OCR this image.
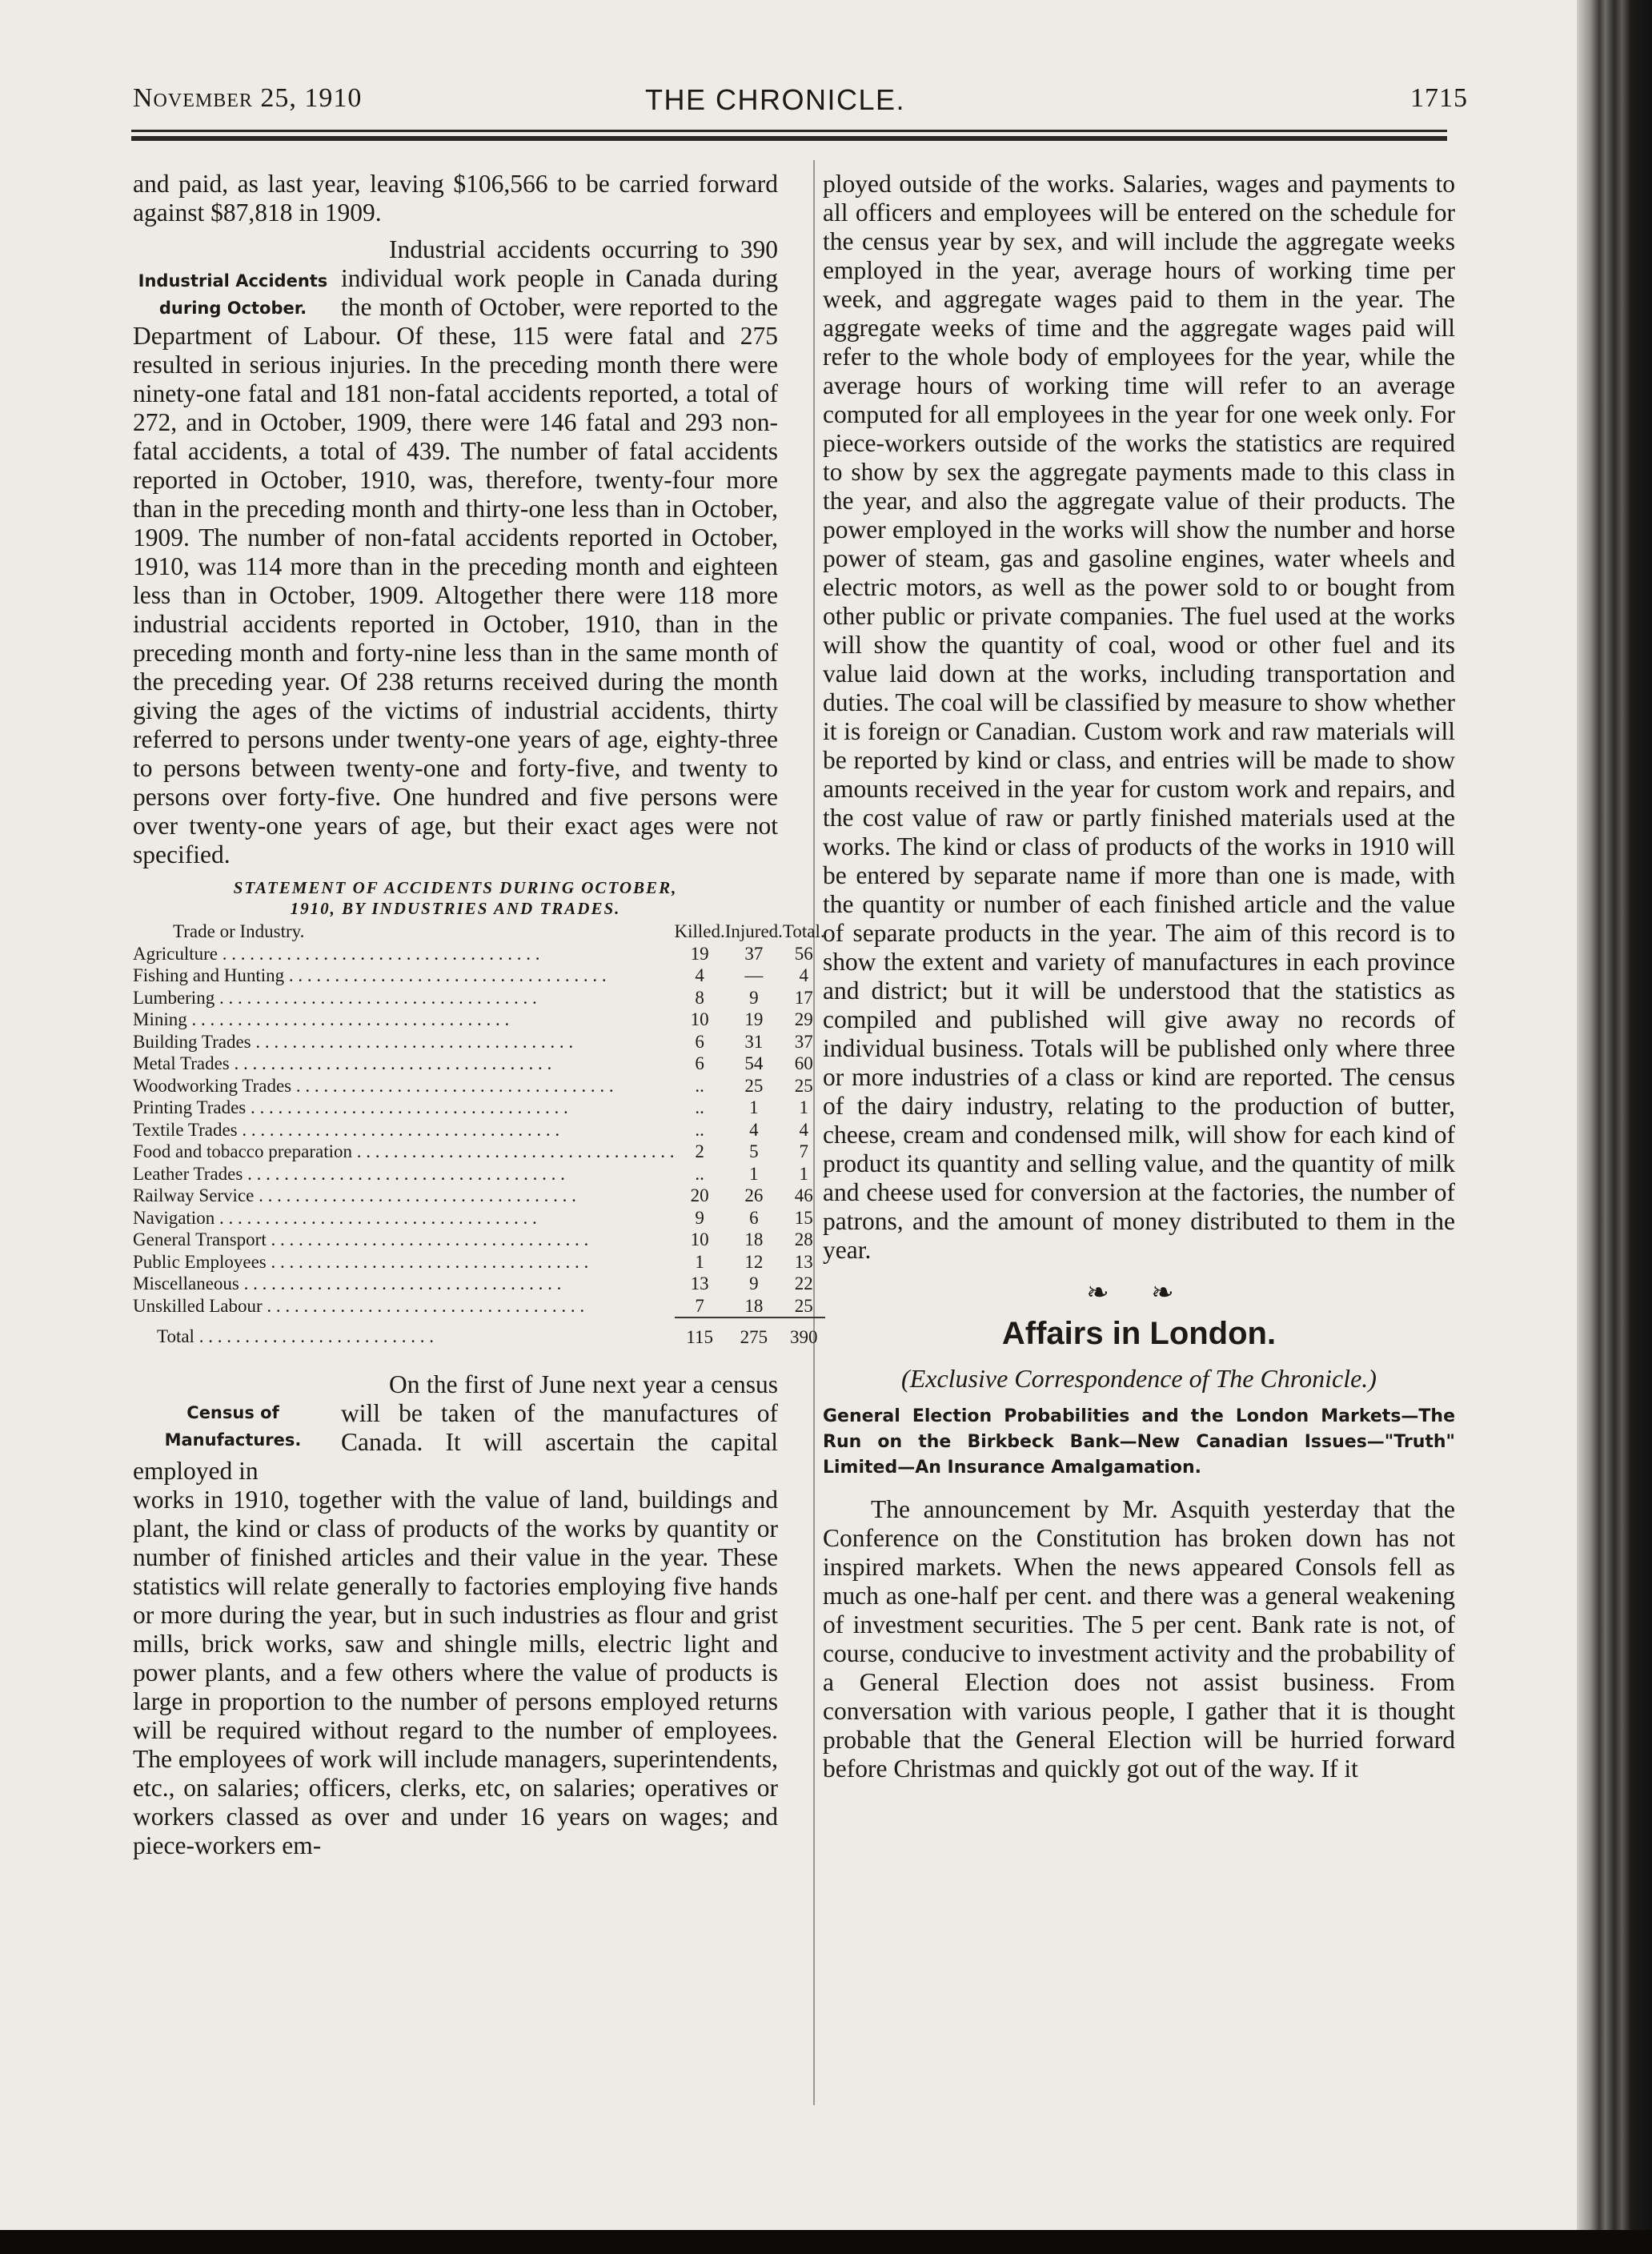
November 25, 1910	THE CHRONICLE.	1715

and paid, as last year, leaving $106,566 to be carried forward against $87,818 in 1909.

Industrial Accidents during October.

Industrial accidents occurring to 390 individual work people in Canada during the month of October, were reported to the Department of Labour. Of these, 115 were fatal and 275 resulted in serious injuries. In the preceding month there were ninety-one fatal and 181 non-fatal accidents reported, a total of 272, and in October, 1909, there were 146 fatal and 293 non-fatal accidents, a total of 439. The number of fatal accidents reported in October, 1910, was, therefore, twenty-four more than in the preceding month and thirty-one less than in October, 1909. The number of non-fatal accidents reported in October, 1910, was 114 more than in the preceding month and eighteen less than in October, 1909. Altogether there were 118 more industrial accidents reported in October, 1910, than in the preceding month and forty-nine less than in the same month of the preceding year. Of 238 returns received during the month giving the ages of the victims of industrial accidents, thirty referred to persons under twenty-one years of age, eighty-three to persons between twenty-one and forty-five, and twenty to persons over forty-five. One hundred and five persons were over twenty-one years of age, but their exact ages were not specified.

STATEMENT OF ACCIDENTS DURING OCTOBER,
1910, BY INDUSTRIES AND TRADES.
Trade or Industry.	Killed.	Injured.	Total.
Agriculture . . . . . . . . . . . . . . . . . . . . . . . . . . . . . . . . . . .	19	37	56
Fishing and Hunting . . . . . . . . . . . . . . . . . . . . . . . . . . . . . . . . . . .	4	—	4
Lumbering . . . . . . . . . . . . . . . . . . . . . . . . . . . . . . . . . . .	8	9	17
Mining . . . . . . . . . . . . . . . . . . . . . . . . . . . . . . . . . . .	10	19	29
Building Trades . . . . . . . . . . . . . . . . . . . . . . . . . . . . . . . . . . .	6	31	37
Metal Trades . . . . . . . . . . . . . . . . . . . . . . . . . . . . . . . . . . .	6	54	60
Woodworking Trades . . . . . . . . . . . . . . . . . . . . . . . . . . . . . . . . . . .	..	25	25
Printing Trades . . . . . . . . . . . . . . . . . . . . . . . . . . . . . . . . . . .	..	1	1
Textile Trades . . . . . . . . . . . . . . . . . . . . . . . . . . . . . . . . . . .	..	4	4
Food and tobacco preparation . . . . . . . . . . . . . . . . . . . . . . . . . . . . . . . . . . .	2	5	7
Leather Trades . . . . . . . . . . . . . . . . . . . . . . . . . . . . . . . . . . .	..	1	1
Railway Service . . . . . . . . . . . . . . . . . . . . . . . . . . . . . . . . . . .	20	26	46
Navigation . . . . . . . . . . . . . . . . . . . . . . . . . . . . . . . . . . .	9	6	15
General Transport . . . . . . . . . . . . . . . . . . . . . . . . . . . . . . . . . . .	10	18	28
Public Employees . . . . . . . . . . . . . . . . . . . . . . . . . . . . . . . . . . .	1	12	13
Miscellaneous . . . . . . . . . . . . . . . . . . . . . . . . . . . . . . . . . . .	13	9	22
Unskilled Labour . . . . . . . . . . . . . . . . . . . . . . . . . . . . . . . . . . .	7	18	25
Total . . . . . . . . . . . . . . . . . . . . . . . . . .	115	275	390
Census of Manufactures.

On the first of June next year a census will be taken of the manufactures of Canada. It will ascertain the capital employed in

works in 1910, together with the value of land, buildings and plant, the kind or class of products of the works by quantity or number of finished articles and their value in the year. These statistics will relate generally to factories employing five hands or more during the year, but in such industries as flour and grist mills, brick works, saw and shingle mills, electric light and power plants, and a few others where the value of products is large in proportion to the number of persons employed returns will be required without regard to the number of employees. The employees of work will include managers, superintendents, etc., on salaries; officers, clerks, etc, on salaries; operatives or workers classed as over and under 16 years on wages; and piece-workers em-

ployed outside of the works. Salaries, wages and payments to all officers and employees will be entered on the schedule for the census year by sex, and will include the aggregate weeks employed in the year, average hours of working time per week, and aggregate wages paid to them in the year. The aggregate weeks of time and the aggregate wages paid will refer to the whole body of employees for the year, while the average hours of working time will refer to an average computed for all employees in the year for one week only. For piece-workers outside of the works the statistics are required to show by sex the aggregate payments made to this class in the year, and also the aggregate value of their products. The power employed in the works will show the number and horse power of steam, gas and gasoline engines, water wheels and electric motors, as well as the power sold to or bought from other public or private companies. The fuel used at the works will show the quantity of coal, wood or other fuel and its value laid down at the works, including transportation and duties. The coal will be classified by measure to show whether it is foreign or Canadian. Custom work and raw materials will be reported by kind or class, and entries will be made to show amounts received in the year for custom work and repairs, and the cost value of raw or partly finished materials used at the works. The kind or class of products of the works in 1910 will be entered by separate name if more than one is made, with the quantity or number of each finished article and the value of separate products in the year. The aim of this record is to show the extent and variety of manufactures in each province and district; but it will be understood that the statistics as compiled and published will give away no records of individual business. Totals will be published only where three or more industries of a class or kind are reported. The census of the dairy industry, relating to the production of butter, cheese, cream and condensed milk, will show for each kind of product its quantity and selling value, and the quantity of milk and cheese used for conversion at the factories, the number of patrons, and the amount of money distributed to them in the year.

❧ ❧
Affairs in London.
(Exclusive Correspondence of The Chronicle.)
General Election Probabilities and the London Markets—The Run on the Birkbeck Bank—New Canadian Issues—"Truth" Limited—An Insurance Amalgamation.

The announcement by Mr. Asquith yesterday that the Conference on the Constitution has broken down has not inspired markets. When the news appeared Consols fell as much as one-half per cent. and there was a general weakening of investment securities. The 5 per cent. Bank rate is not, of course, conducive to investment activity and the probability of a General Election does not assist business. From conversation with various people, I gather that it is thought probable that the General Election will be hurried forward before Christmas and quickly got out of the way. If it
